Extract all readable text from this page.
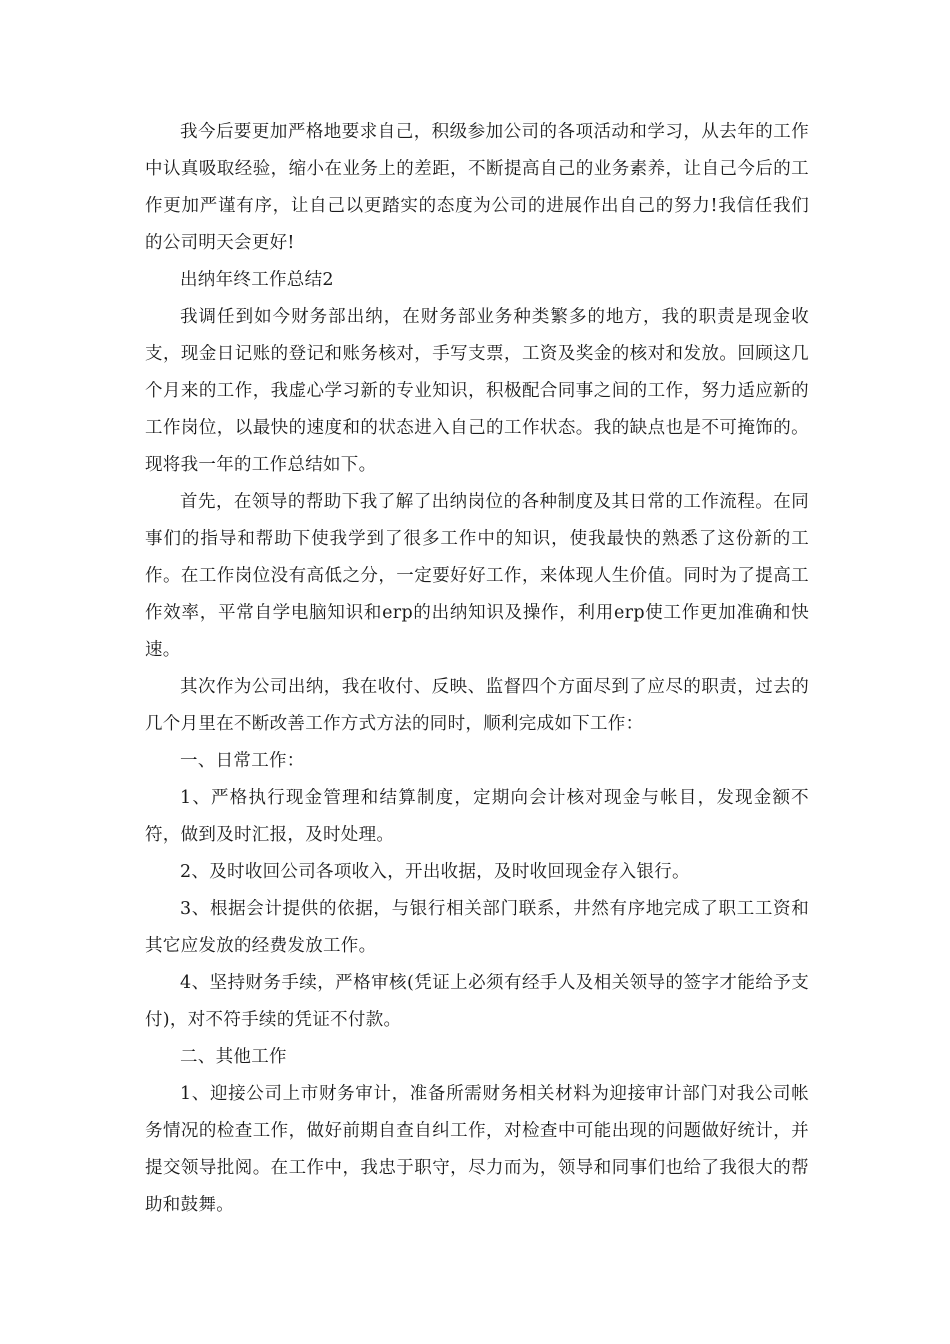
我今后要更加严格地要求自己，积级参加公司的各项活动和学习，从去年的工作中认真吸取经验，缩小在业务上的差距，不断提高自己的业务素养，让自己今后的工作更加严谨有序，让自己以更踏实的态度为公司的进展作出自己的努力!我信任我们的公司明天会更好!

出纳年终工作总结2

我调任到如今财务部出纳，在财务部业务种类繁多的地方，我的职责是现金收支，现金日记账的登记和账务核对，手写支票，工资及奖金的核对和发放。回顾这几个月来的工作，我虚心学习新的专业知识，积极配合同事之间的工作，努力适应新的工作岗位，以最快的速度和的状态进入自己的工作状态。我的缺点也是不可掩饰的。现将我一年的工作总结如下。

首先，在领导的帮助下我了解了出纳岗位的各种制度及其日常的工作流程。在同事们的指导和帮助下使我学到了很多工作中的知识，使我最快的熟悉了这份新的工作。在工作岗位没有高低之分，一定要好好工作，来体现人生价值。同时为了提高工作效率，平常自学电脑知识和erp的出纳知识及操作，利用erp使工作更加准确和快速。

其次作为公司出纳，我在收付、反映、监督四个方面尽到了应尽的职责，过去的几个月里在不断改善工作方式方法的同时，顺利完成如下工作：

一、日常工作：

1、严格执行现金管理和结算制度，定期向会计核对现金与帐目，发现金额不符，做到及时汇报，及时处理。

2、及时收回公司各项收入，开出收据，及时收回现金存入银行。

3、根据会计提供的依据，与银行相关部门联系，井然有序地完成了职工工资和其它应发放的经费发放工作。

4、坚持财务手续，严格审核(凭证上必须有经手人及相关领导的签字才能给予支付)，对不符手续的凭证不付款。

二、其他工作

1、迎接公司上市财务审计，准备所需财务相关材料为迎接审计部门对我公司帐务情况的检查工作，做好前期自查自纠工作，对检查中可能出现的问题做好统计，并提交领导批阅。在工作中，我忠于职守，尽力而为，领导和同事们也给了我很大的帮助和鼓舞。
